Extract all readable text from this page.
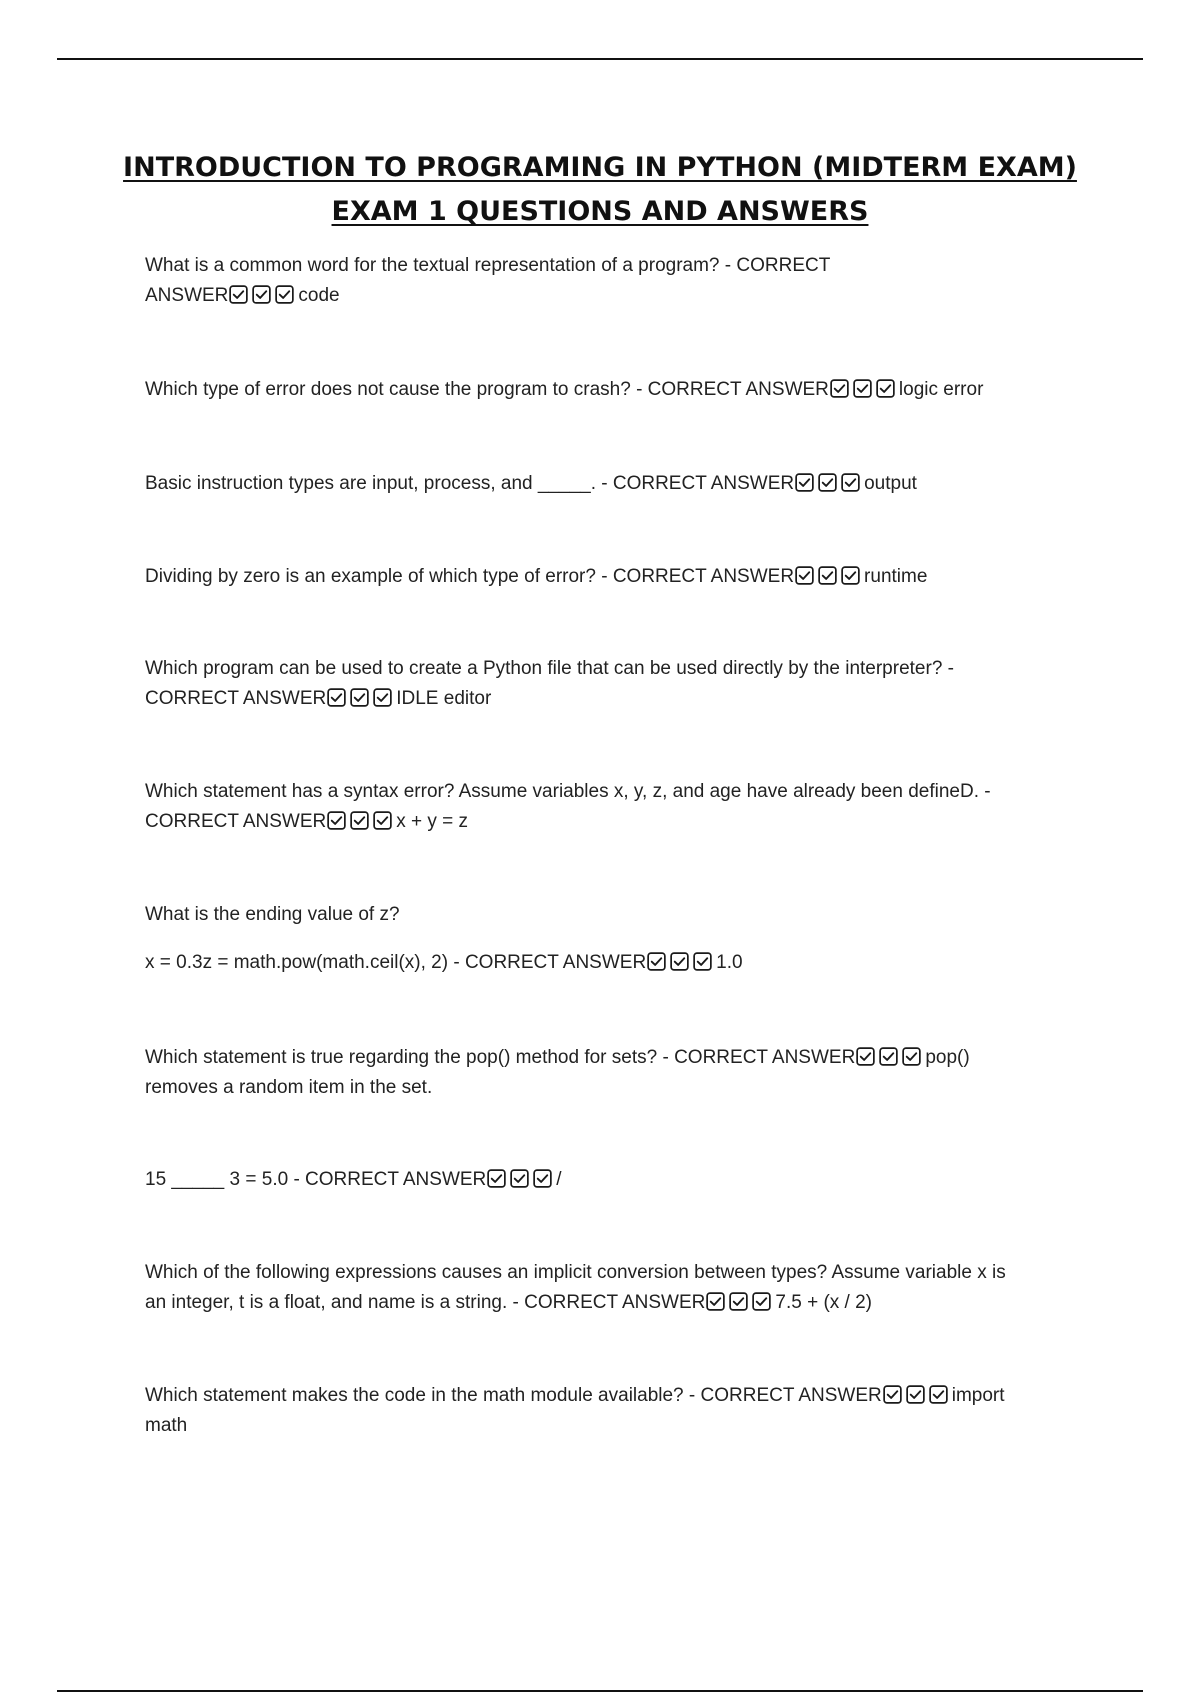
INTRODUCTION TO PROGRAMING IN PYTHON (MIDTERM EXAM)
EXAM 1 QUESTIONS AND ANSWERS
What is a common word for the textual representation of a program? - CORRECT
ANSWER	code
Which type of error does not cause the program to crash? - CORRECT ANSWER	logic error
Basic instruction types are input, process, and _____. - CORRECT ANSWER	output
Dividing by zero is an example of which type of error? - CORRECT ANSWER	runtime
Which program can be used to create a Python file that can be used directly by the interpreter? -
CORRECT ANSWER	IDLE editor
Which statement has a syntax error? Assume variables x, y, z, and age have already been defineD. -
CORRECT ANSWER	x + y = z
What is the ending value of z?
x = 0.3z = math.pow(math.ceil(x), 2) - CORRECT ANSWER	1.0
Which statement is true regarding the pop() method for sets? - CORRECT ANSWER	pop()
removes a random item in the set.
15 _____ 3 = 5.0 - CORRECT ANSWER	/
Which of the following expressions causes an implicit conversion between types? Assume variable x is
an integer, t is a float, and name is a string. - CORRECT ANSWER	7.5 + (x / 2)
Which statement makes the code in the math module available? - CORRECT ANSWER	import
math
